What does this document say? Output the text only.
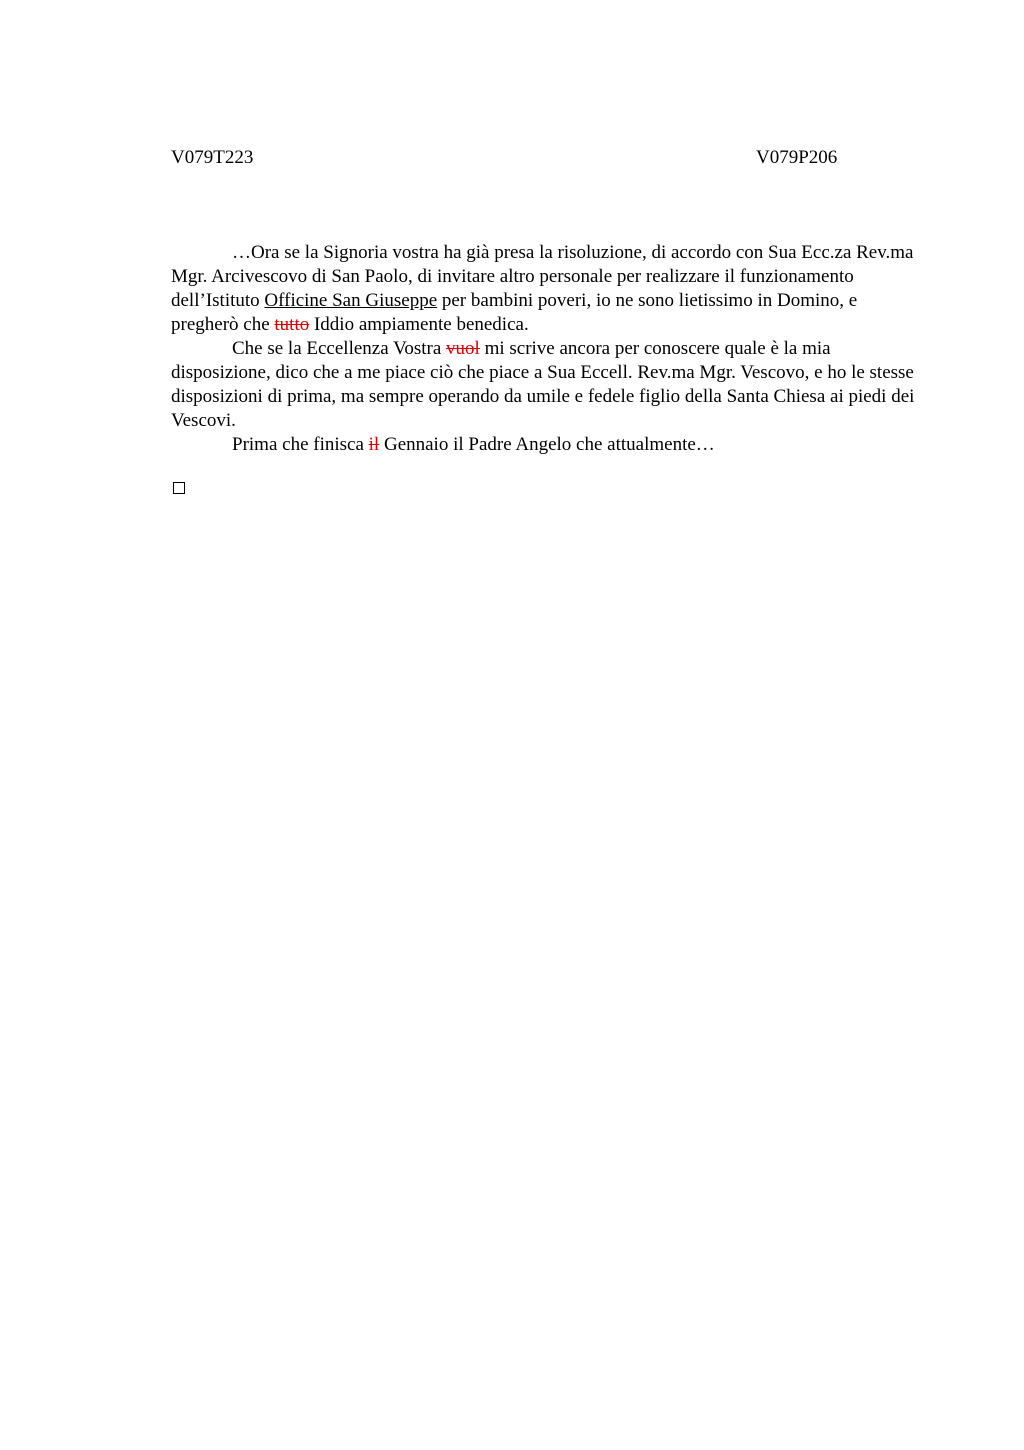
V079T223	V079P206

…Ora se la Signoria vostra ha già presa la risoluzione, di accordo con Sua Ecc.za Rev.ma Mgr. Arcivescovo di San Paolo, di invitare altro personale per realizzare il funzionamento dell’Istituto Officine San Giuseppe per bambini poveri, io ne sono lietissimo in Domino, e pregherò che tutto Iddio ampiamente benedica.

Che se la Eccellenza Vostra vuol mi scrive ancora per conoscere quale è la mia disposizione, dico che a me piace ciò che piace a Sua Eccell. Rev.ma Mgr. Vescovo, e ho le stesse disposizioni di prima, ma sempre operando da umile e fedele figlio della Santa Chiesa ai piedi dei Vescovi.

Prima che finisca il Gennaio il Padre Angelo che attualmente…
